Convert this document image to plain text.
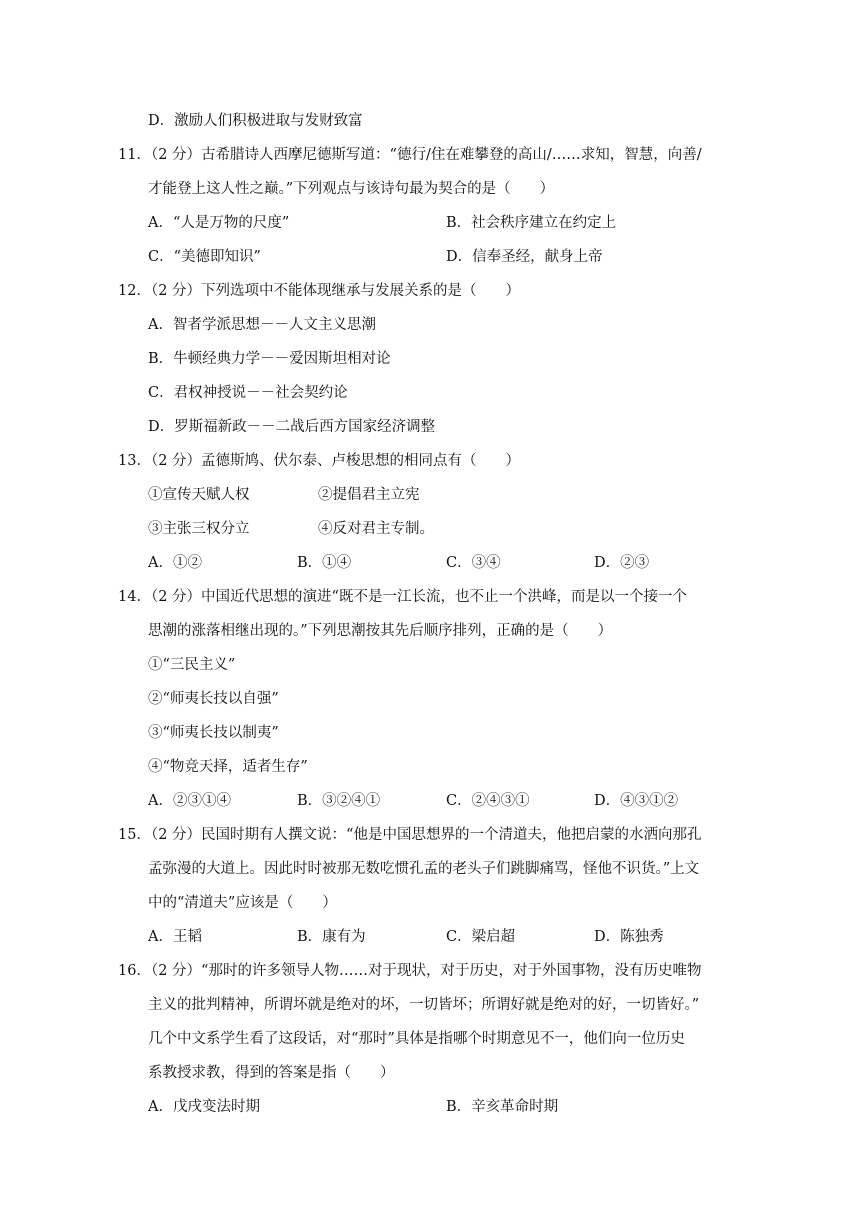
D．激励人们积极进取与发财致富
11．（2 分）古希腊诗人西摩尼德斯写道：“德行/住在难攀登的高山/……求知，智慧，向善/
才能登上这人性之巅。”下列观点与该诗句最为契合的是（　　）
A．“人是万物的尺度”	B．社会秩序建立在约定上
C．“美德即知识”	D．信奉圣经，献身上帝
12．（2 分）下列选项中不能体现继承与发展关系的是（　　）
A．智者学派思想－－人文主义思潮
B．牛顿经典力学－－爱因斯坦相对论
C．君权神授说－－社会契约论
D．罗斯福新政－－二战后西方国家经济调整
13．（2 分）孟德斯鸠、伏尔泰、卢梭思想的相同点有（　　）
①宣传天赋人权	②提倡君主立宪
③主张三权分立	④反对君主专制。
A．①②	B．①④	C．③④	D．②③
14．（2 分）中国近代思想的演进“既不是一江长流，也不止一个洪峰，而是以一个接一个
思潮的涨落相继出现的。”下列思潮按其先后顺序排列，正确的是（　　）
①“三民主义”
②“师夷长技以自强”
③“师夷长技以制夷”
④“物竞天择，适者生存”
A．②③①④	B．③②④①	C．②④③①	D．④③①②
15．（2 分）民国时期有人撰文说：“他是中国思想界的一个清道夫，他把启蒙的水洒向那孔
孟弥漫的大道上。因此时时被那无数吃惯孔孟的老头子们跳脚痛骂，怪他不识货。”上文
中的“清道夫”应该是（　　）
A．王韬	B．康有为	C．梁启超	D．陈独秀
16．（2 分）“那时的许多领导人物……对于现状，对于历史，对于外国事物，没有历史唯物
主义的批判精神，所谓坏就是绝对的坏，一切皆坏；所谓好就是绝对的好，一切皆好。”
几个中文系学生看了这段话，对“那时”具体是指哪个时期意见不一，他们向一位历史
系教授求教，得到的答案是指（　　）
A．戊戌变法时期	B．辛亥革命时期
